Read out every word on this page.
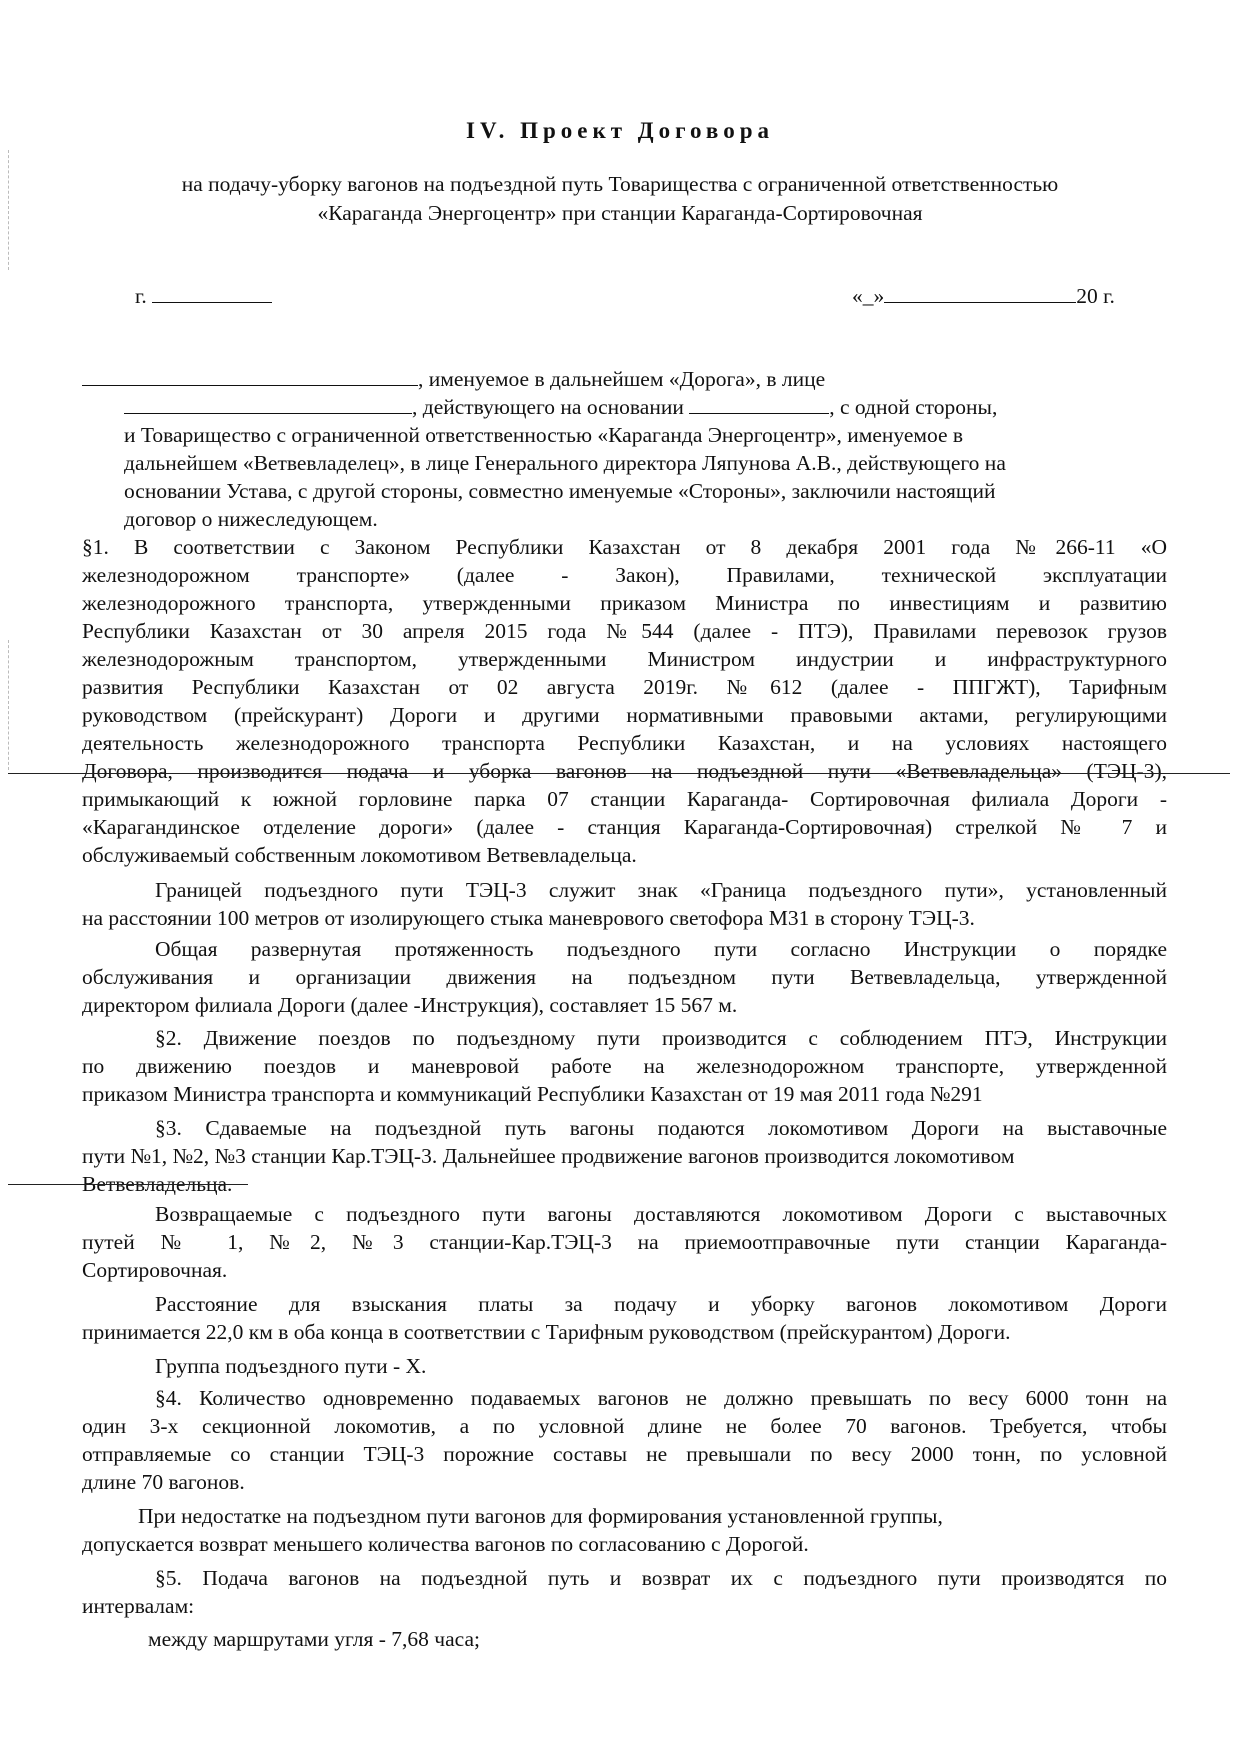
IV. Проект Договора
на подачу-уборку вагонов на подъездной путь Товарищества с ограниченной ответственностью
«Караганда Энергоцентр» при станции Караганда-Сортировочная
г.	«_»	20 г.
, именуемое в дальнейшем «Дорога», в лице
, действующего на основании	, с одной стороны,
и Товарищество с ограниченной ответственностью «Караганда Энергоцентр», именуемое в
дальнейшем «Ветвевладелец», в лице Генерального директора Ляпунова А.В., действующего на
основании Устава, с другой стороны, совместно именуемые «Стороны», заключили настоящий
договор о нижеследующем.
§1. В соответствии с Законом Республики Казахстан от 8 декабря 2001 года №266-11 «О
железнодорожном транспорте» (далее - Закон), Правилами, технической эксплуатации
железнодорожного транспорта, утвержденными приказом Министра по инвестициям и развитию
Республики Казахстан от 30 апреля 2015 года №544 (далее - ПТЭ), Правилами перевозок грузов
железнодорожным транспортом, утвержденными Министром индустрии и инфраструктурного
развития Республики Казахстан от 02 августа 2019г. №612 (далее - ППГЖТ), Тарифным
руководством (прейскурант) Дороги и другими нормативными правовыми актами, регулирующими
деятельность железнодорожного транспорта Республики Казахстан, и на условиях настоящего
Договора, производится подача и уборка вагонов на подъездной пути «Ветвевладельца» (ТЭЦ-3),
примыкающий к южной горловине парка 07 станции Караганда- Сортировочная филиала Дороги -
«Карагандинское отделение дороги» (далее - станция Караганда-Сортировочная) стрелкой № 7 и
обслуживаемый собственным локомотивом Ветвевладельца.
Границей подъездного пути ТЭЦ-3 служит знак «Граница подъездного пути», установленный
на расстоянии 100 метров от изолирующего стыка маневрового светофора М31 в сторону ТЭЦ-3.
Общая развернутая протяженность подъездного пути согласно Инструкции о порядке
обслуживания и организации движения на подъездном пути Ветвевладельца, утвержденной
директором филиала Дороги (далее -Инструкция), составляет 15 567 м.
§2. Движение поездов по подъездному пути производится с соблюдением ПТЭ, Инструкции
по движению поездов и маневровой работе на железнодорожном транспорте, утвержденной
приказом Министра транспорта и коммуникаций Республики Казахстан от 19 мая 2011 года №291
§3. Сдаваемые на подъездной путь вагоны подаются локомотивом Дороги на выставочные
пути №1, №2, №3 станции Кар.ТЭЦ-3. Дальнейшее продвижение вагонов производится локомотивом
Ветвевладельца.
Возвращаемые с подъездного пути вагоны доставляются локомотивом Дороги с выставочных
путей № 1, №2, №3 станции-Кар.ТЭЦ-3 на приемоотправочные пути станции Караганда-
Сортировочная.
Расстояние для взыскания платы за подачу и уборку вагонов локомотивом Дороги
принимается 22,0 км в оба конца в соответствии с Тарифным руководством (прейскурантом) Дороги.
Группа подъездного пути - X.
§4. Количество одновременно подаваемых вагонов не должно превышать по весу 6000 тонн на
один 3-х секционной локомотив, а по условной длине не более 70 вагонов. Требуется, чтобы
отправляемые со станции ТЭЦ-3 порожние составы не превышали по весу 2000 тонн, по условной
длине 70 вагонов.
При недостатке на подъездном пути вагонов для формирования установленной группы,
допускается возврат меньшего количества вагонов по согласованию с Дорогой.
§5. Подача вагонов на подъездной путь и возврат их с подъездного пути производятся по
интервалам:
между маршрутами угля - 7,68 часа;
